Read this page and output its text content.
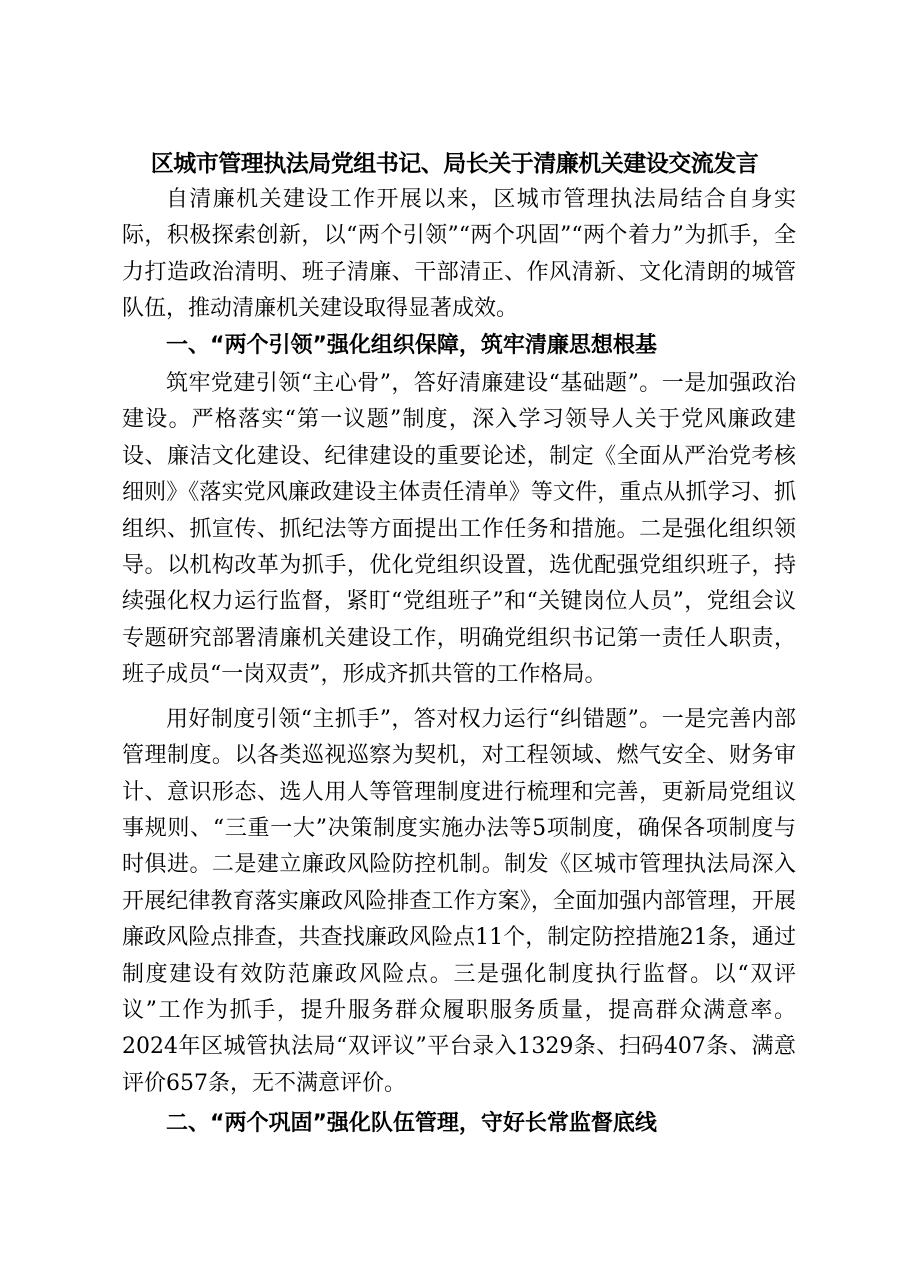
区城市管理执法局党组书记、局长关于清廉机关建设交流发言

自清廉机关建设工作开展以来，区城市管理执法局结合自身实际，积极探索创新，以“两个引领”“两个巩固”“两个着力”为抓手，全力打造政治清明、班子清廉、干部清正、作风清新、文化清朗的城管队伍，推动清廉机关建设取得显著成效。

一、“两个引领”强化组织保障，筑牢清廉思想根基

筑牢党建引领“主心骨”，答好清廉建设“基础题”。一是加强政治建设。严格落实“第一议题”制度，深入学习领导人关于党风廉政建设、廉洁文化建设、纪律建设的重要论述，制定《全面从严治党考核细则》《落实党风廉政建设主体责任清单》等文件，重点从抓学习、抓组织、抓宣传、抓纪法等方面提出工作任务和措施。二是强化组织领导。以机构改革为抓手，优化党组织设置，选优配强党组织班子，持续强化权力运行监督，紧盯“党组班子”和“关键岗位人员”，党组会议专题研究部署清廉机关建设工作，明确党组织书记第一责任人职责，班子成员“一岗双责”，形成齐抓共管的工作格局。

用好制度引领“主抓手”，答对权力运行“纠错题”。一是完善内部管理制度。以各类巡视巡察为契机，对工程领域、燃气安全、财务审计、意识形态、选人用人等管理制度进行梳理和完善，更新局党组议事规则、“三重一大”决策制度实施办法等5项制度，确保各项制度与时俱进。二是建立廉政风险防控机制。制发《区城市管理执法局深入开展纪律教育落实廉政风险排查工作方案》，全面加强内部管理，开展廉政风险点排查，共查找廉政风险点11个，制定防控措施21条，通过制度建设有效防范廉政风险点。三是强化制度执行监督。以“双评议”工作为抓手，提升服务群众履职服务质量，提高群众满意率。2024年区城管执法局“双评议”平台录入1329条、扫码407条、满意评价657条，无不满意评价。

二、“两个巩固”强化队伍管理，守好长常监督底线
